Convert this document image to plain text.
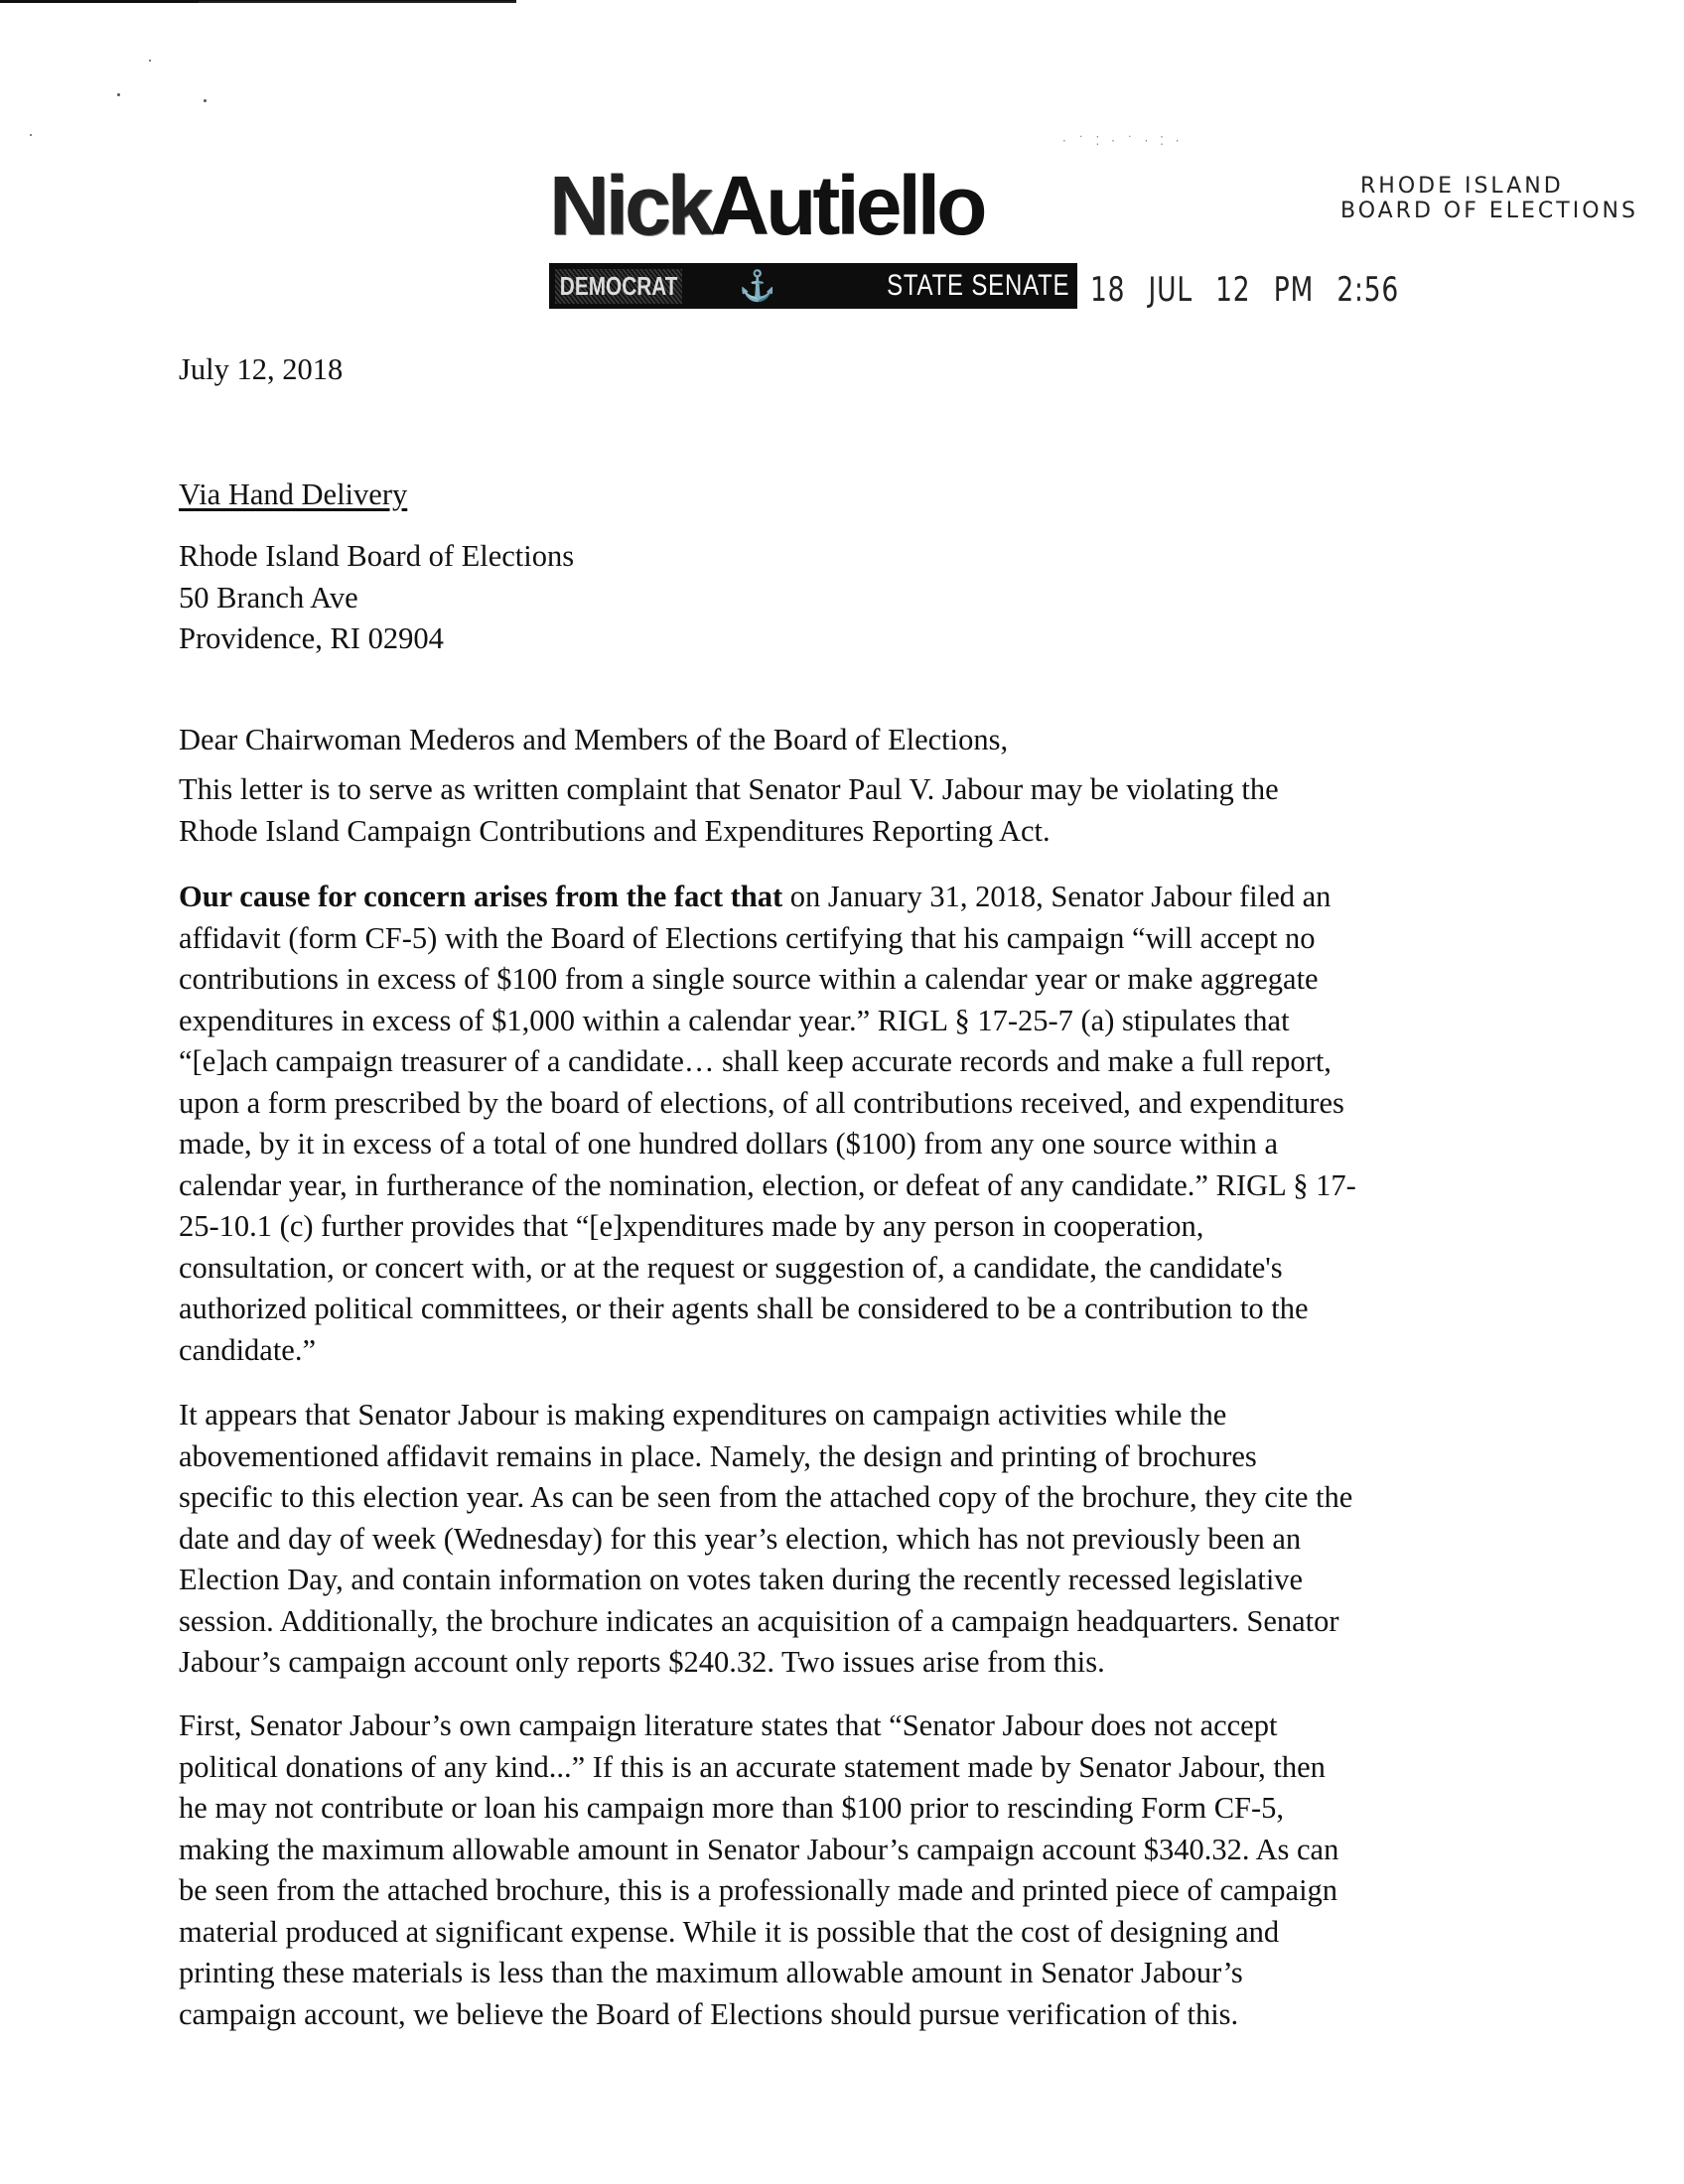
NickAutiello
DEMOCRAT ⚓	STATE SENATE
· ˙ ⁚ · ˙ · ⁚ ·
RHODE ISLAND
BOARD OF ELECTIONS
18 JUL 12 PM 2:56
July 12, 2018
Via Hand Delivery
Rhode Island Board of Elections
50 Branch Ave
Providence, RI 02904
Dear Chairwoman Mederos and Members of the Board of Elections,
This letter is to serve as written complaint that Senator Paul V. Jabour may be violating the
Rhode Island Campaign Contributions and Expenditures Reporting Act.
Our cause for concern arises from the fact that on January 31, 2018, Senator Jabour filed an
affidavit (form CF-5) with the Board of Elections certifying that his campaign “will accept no
contributions in excess of $100 from a single source within a calendar year or make aggregate
expenditures in excess of $1,000 within a calendar year.” RIGL § 17-25-7 (a) stipulates that
“[e]ach campaign treasurer of a candidate… shall keep accurate records and make a full report,
upon a form prescribed by the board of elections, of all contributions received, and expenditures
made, by it in excess of a total of one hundred dollars ($100) from any one source within a
calendar year, in furtherance of the nomination, election, or defeat of any candidate.” RIGL § 17-
25-10.1 (c) further provides that “[e]xpenditures made by any person in cooperation,
consultation, or concert with, or at the request or suggestion of, a candidate, the candidate's
authorized political committees, or their agents shall be considered to be a contribution to the
candidate.”
It appears that Senator Jabour is making expenditures on campaign activities while the
abovementioned affidavit remains in place. Namely, the design and printing of brochures
specific to this election year. As can be seen from the attached copy of the brochure, they cite the
date and day of week (Wednesday) for this year’s election, which has not previously been an
Election Day, and contain information on votes taken during the recently recessed legislative
session. Additionally, the brochure indicates an acquisition of a campaign headquarters. Senator
Jabour’s campaign account only reports $240.32. Two issues arise from this.
First, Senator Jabour’s own campaign literature states that “Senator Jabour does not accept
political donations of any kind...” If this is an accurate statement made by Senator Jabour, then
he may not contribute or loan his campaign more than $100 prior to rescinding Form CF-5,
making the maximum allowable amount in Senator Jabour’s campaign account $340.32. As can
be seen from the attached brochure, this is a professionally made and printed piece of campaign
material produced at significant expense. While it is possible that the cost of designing and
printing these materials is less than the maximum allowable amount in Senator Jabour’s
campaign account, we believe the Board of Elections should pursue verification of this.
